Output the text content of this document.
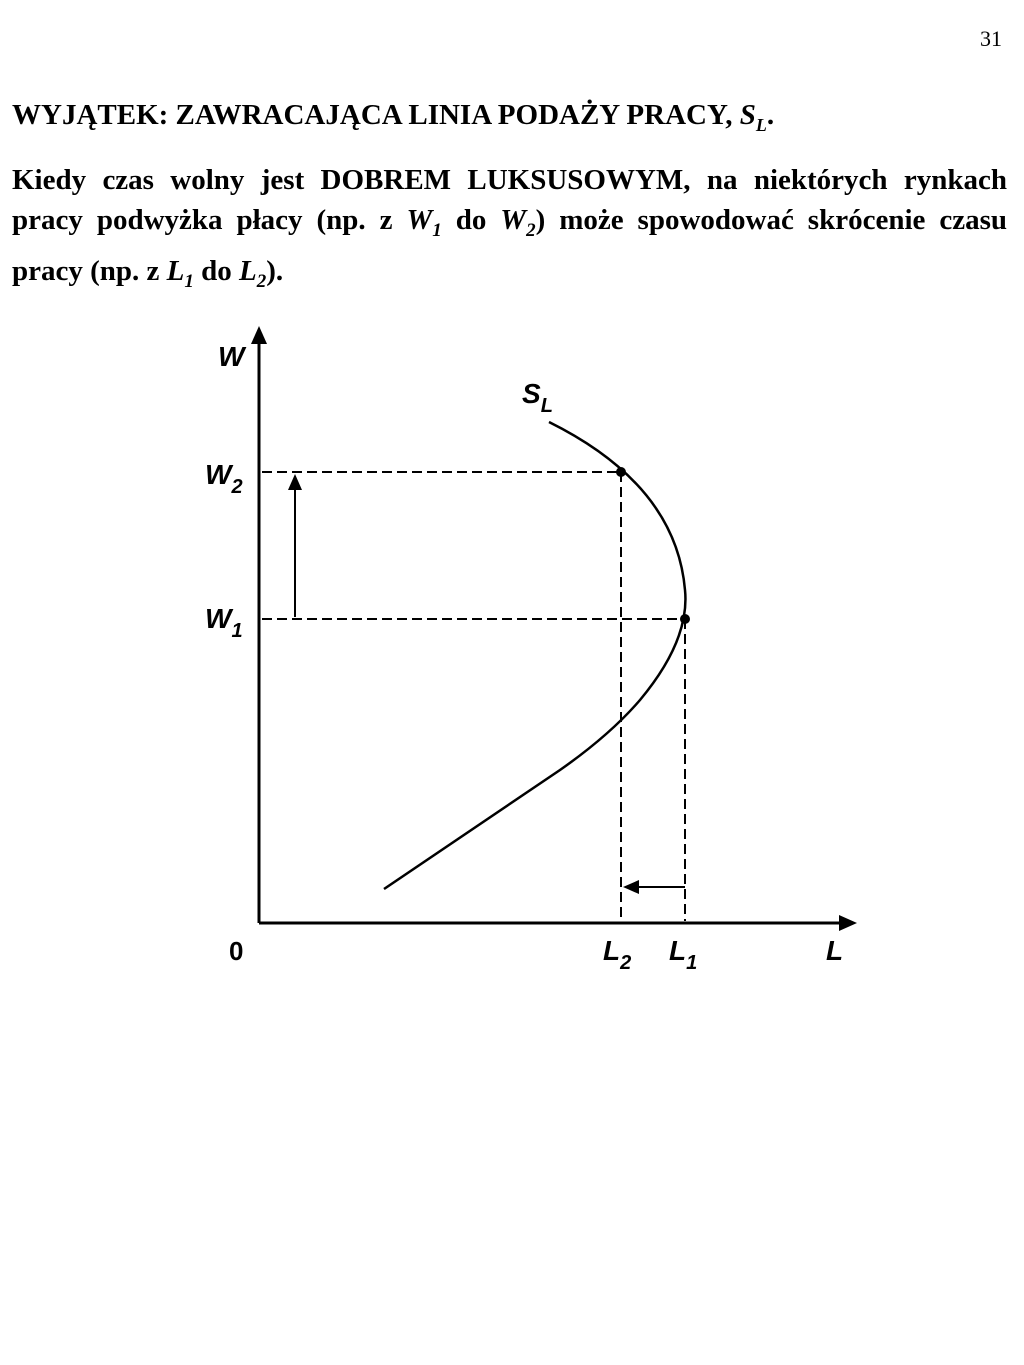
31
WYJĄTEK: ZAWRACAJĄCA LINIA PODAŻY PRACY, $S_L$.

Kiedy czas wolny jest DOBREM LUKSUSOWYM, na niektórych rynkach pracy podwyżka płacy (np. z $W_1$ do $W_2$) może spowodować skrócenie czasu pracy (np. z $L_1$ do $L_2$).

W
$S_L$
$W_2$
$W_1$
0	$L_2$ $L_1$	L
